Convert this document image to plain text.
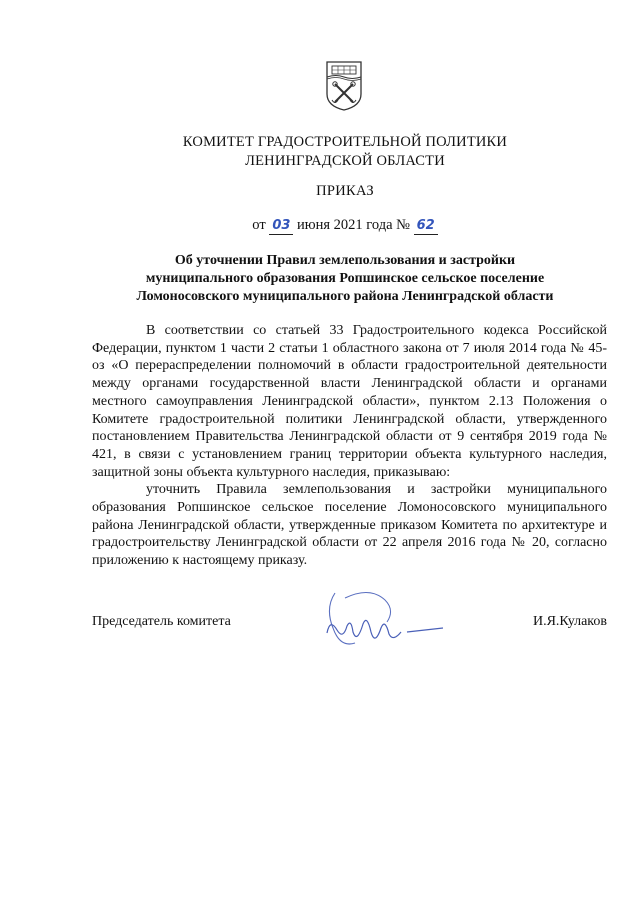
КОМИТЕТ ГРАДОСТРОИТЕЛЬНОЙ ПОЛИТИКИ
ЛЕНИНГРАДСКОЙ ОБЛАСТИ
ПРИКАЗ
от 03 июня 2021 года № 62
Об уточнении Правил землепользования и застройки
муниципального образования Ропшинское сельское поселение
Ломоносовского муниципального района Ленинградской области

В соответствии со статьей 33 Градостроительного кодекса Российской Федерации, пунктом 1 части 2 статьи 1 областного закона от 7 июля 2014 года № 45-оз «О перераспределении полномочий в области градостроительной деятельности между органами государственной власти Ленинградской области и органами местного самоуправления Ленинградской области», пунктом 2.13 Положения о Комитете градостроительной политики Ленинградской области, утвержденного постановлением Правительства Ленинградской области от 9 сентября 2019 года № 421, в связи с установлением границ территории объекта культурного наследия, защитной зоны объекта культурного наследия, приказываю:

уточнить Правила землепользования и застройки муниципального образования Ропшинское сельское поселение Ломоносовского муниципального района Ленинградской области, утвержденные приказом Комитета по архитектуре и градостроительству Ленинградской области от 22 апреля 2016 года № 20, согласно приложению к настоящему приказу.

Председатель комитета	И.Я.Кулаков
